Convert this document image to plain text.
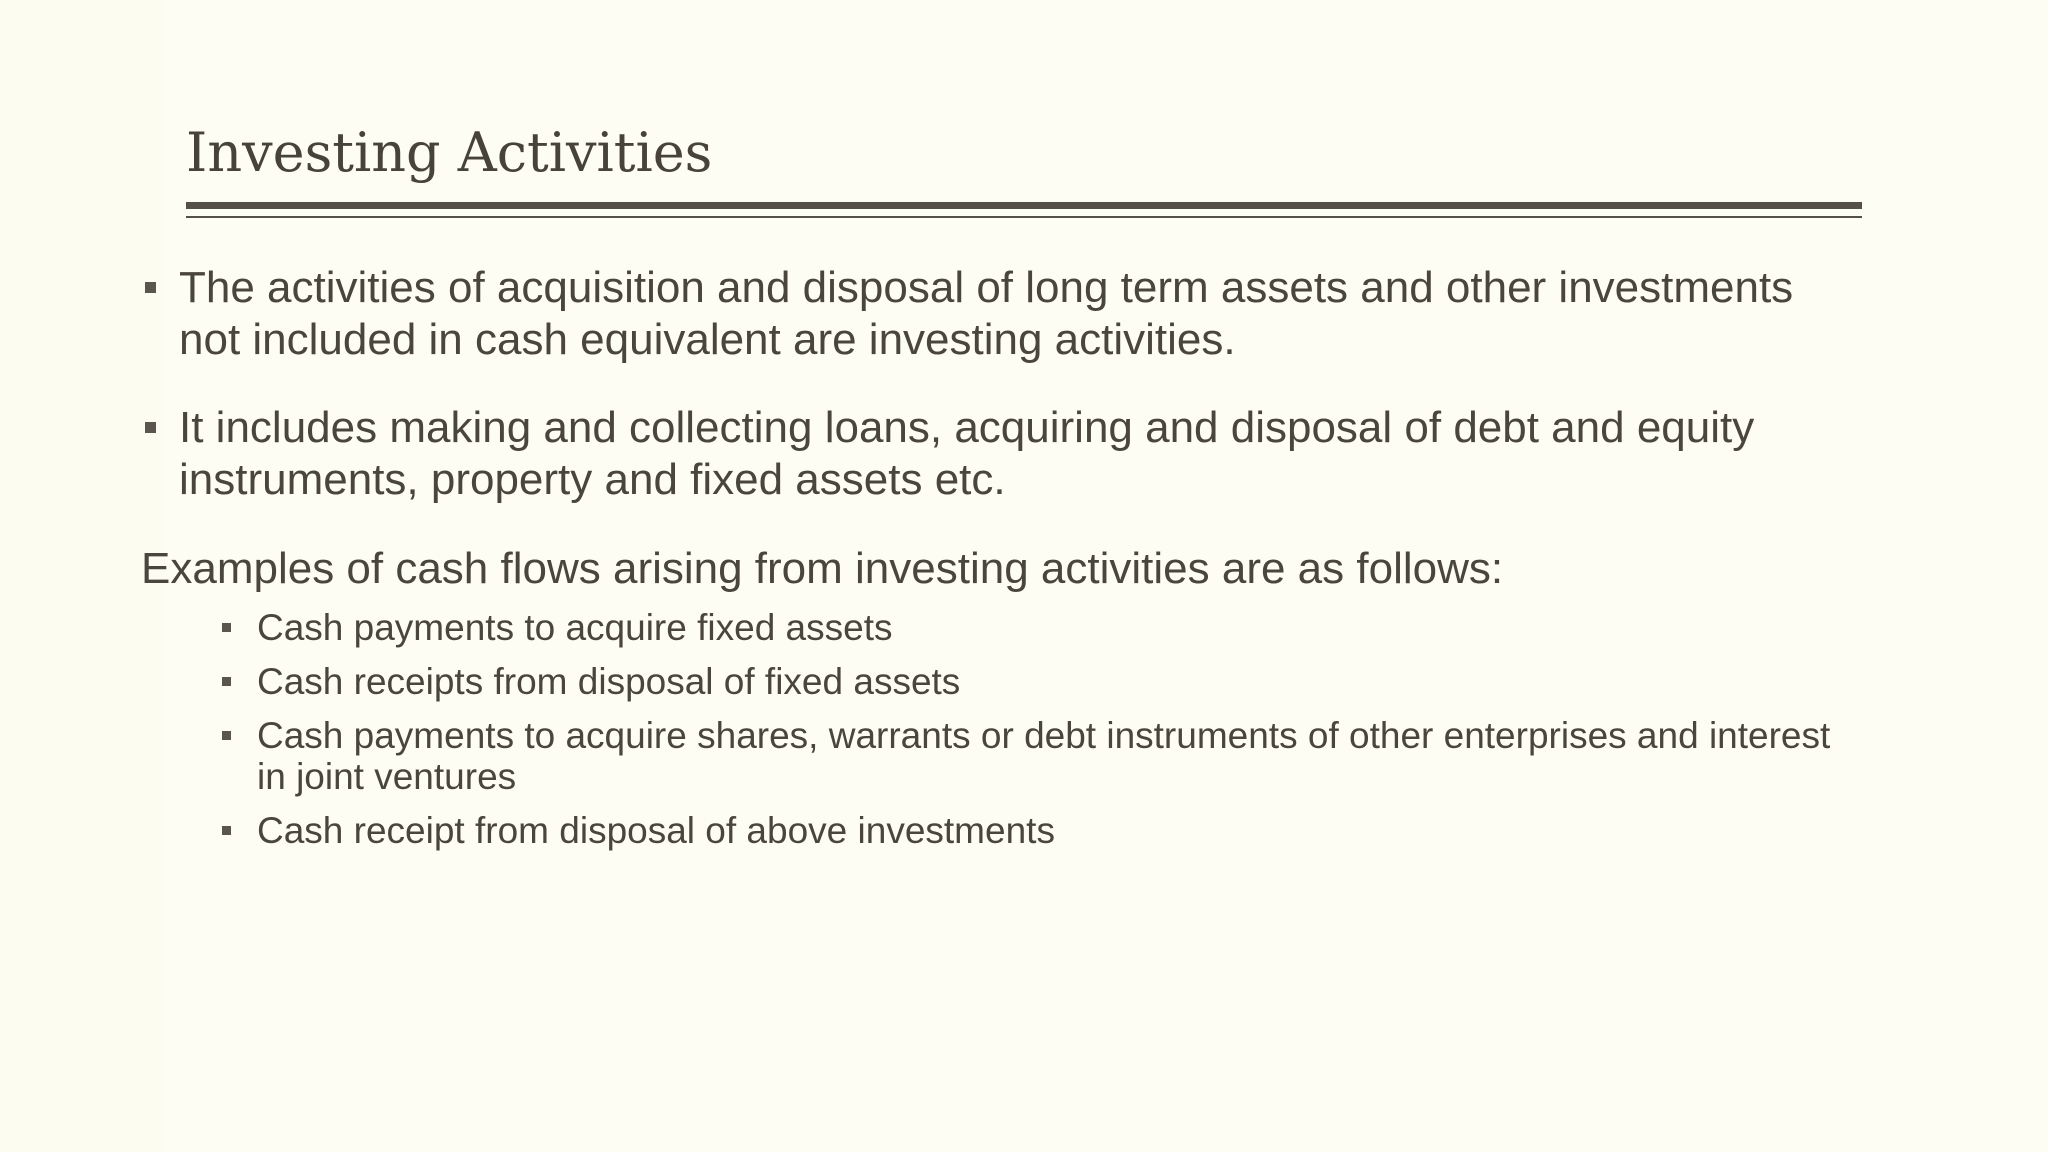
Investing Activities
The activities of acquisition and disposal of long term assets and other investments not included in cash equivalent are investing activities.
It includes making and collecting loans, acquiring and disposal of debt and equity instruments, property and fixed assets etc.
Examples of cash flows arising from investing activities are as follows:
Cash payments to acquire fixed assets
Cash receipts from disposal of fixed assets
Cash payments to acquire shares, warrants or debt instruments of other enterprises and interest in joint ventures
Cash receipt from disposal of above investments
